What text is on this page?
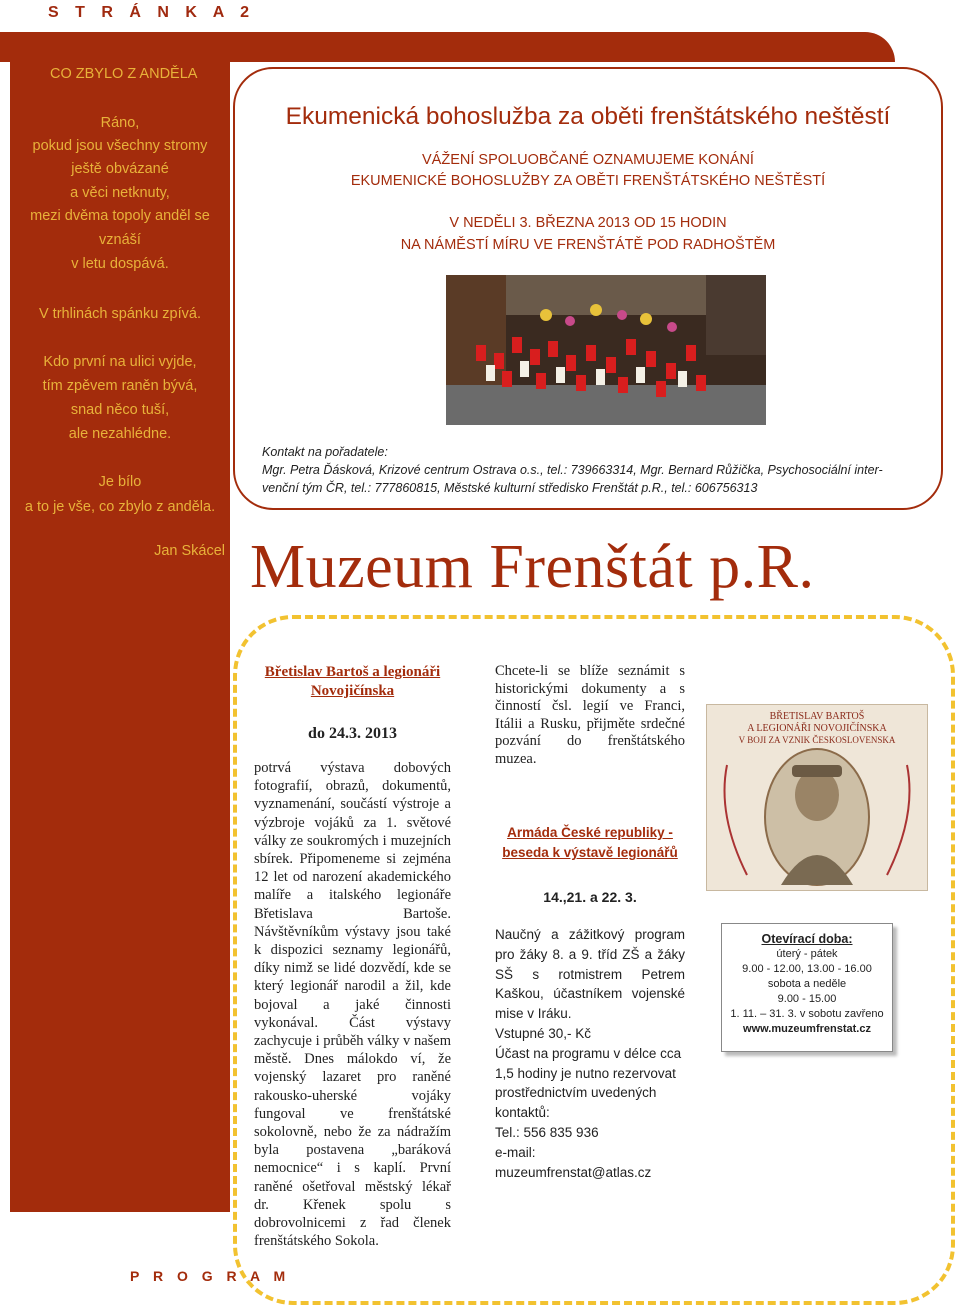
S T R Á N K A 2
CO ZBYLO Z ANDĚLA
Ráno,
pokud jsou všechny stromy
ještě obvázané
a věci netknuty,
mezi dvěma topoly anděl se
vznáší
v letu dospává.
V trhlinách spánku zpívá.
Kdo první na ulici vyjde,
tím zpěvem raněn bývá,
snad něco tuší,
ale nezahlédne.
Je bílo
a to je vše, co zbylo z anděla.
Jan Skácel
Ekumenická bohoslužba za oběti frenštátského neštěstí
VÁŽENÍ SPOLUOBČANÉ OZNAMUJEME KONÁNÍ
EKUMENICKÉ BOHOSLUŽBY ZA OBĚTI FRENŠTÁTSKÉHO NEŠTĚSTÍ
V NEDĚLI 3. BŘEZNA 2013 OD 15 HODIN
NA NÁMĚSTÍ MÍRU VE FRENŠTÁTĚ POD RADHOŠTĚM
Kontakt na pořadatele:
Mgr. Petra Ďásková, Krizové centrum Ostrava o.s., tel.: 739663314, Mgr. Bernard Růžička, Psychosociální inter-
venční tým ČR, tel.: 777860815, Městské kulturní středisko Frenštát p.R., tel.: 606756313
Muzeum Frenštát p.R.
Břetislav Bartoš a legionáři Novojičínska
do 24.3. 2013
potrvá výstava dobových fotografií, obrazů, dokumentů, vyznamenání, součástí výstroje a výzbroje vojáků za 1. světové války ze soukromých i muzejních sbírek. Připomeneme si zejména 12 let od narození akademického malíře a italského legionáře Břetislava Bartoše. Návštěvníkům výstavy jsou také k dispozici seznamy legionářů, díky nimž se lidé dozvědí, kde se který legionář narodil a žil, kde bojoval a jaké činnosti vykonával. Část výstavy zachycuje i průběh války v našem městě. Dnes málokdo ví, že vojenský lazaret pro raněné rakousko-uherské vojáky fungoval ve frenštátské sokolovně, nebo že za nádražím byla postavena „baráková nemocnice“ i s kaplí. První raněné ošetřoval městský lékař dr. Křenek spolu s dobrovolnicemi z řad členek frenštátského Sokola.
Chcete-li se blíže seznámit s historickými dokumenty a s činností čsl. legií ve Franci, Itálii a Rusku, přijměte srdečné pozvání do frenštátského muzea.
Armáda České republiky - beseda k výstavě legionářů
14.,21. a 22. 3.
Naučný a zážitkový program pro žáky 8. a 9. tříd ZŠ a žáky SŠ s rotmistrem Petrem Kaškou, účastníkem vojenské mise v Iráku.
Vstupné 30,- Kč
Účast na programu v délce cca 1,5 hodiny je nutno rezervovat prostřednictvím uvedených kontaktů:
Tel.: 556 835 936
e-mail:
muzeumfrenstat@atlas.cz
BŘETISLAV BARTOŠ
A LEGIONÁŘI NOVOJIČÍNSKA
V BOJI ZA VZNIK ČESKOSLOVENSKA
Otevírací doba:
úterý - pátek
9.00 - 12.00, 13.00 - 16.00
sobota a neděle
9.00 - 15.00
1. 11. – 31. 3. v sobotu zavřeno
www.muzeumfrenstat.cz
P R O G R A M
